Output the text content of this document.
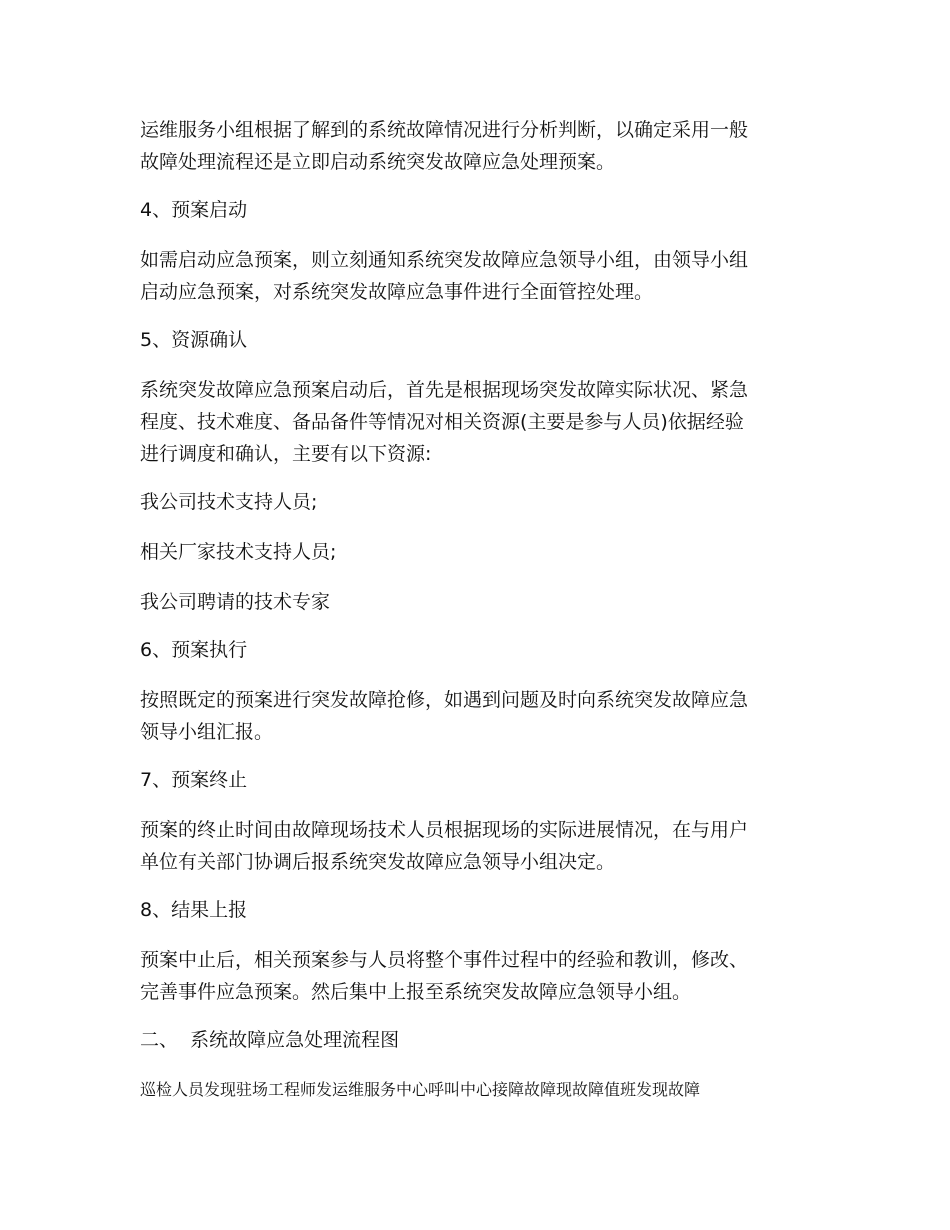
运维服务小组根据了解到的系统故障情况进行分析判断，以确定采用一般
故障处理流程还是立即启动系统突发故障应急处理预案。

4、预案启动

如需启动应急预案，则立刻通知系统突发故障应急领导小组，由领导小组
启动应急预案，对系统突发故障应急事件进行全面管控处理。

5、资源确认

系统突发故障应急预案启动后，首先是根据现场突发故障实际状况、紧急
程度、技术难度、备品备件等情况对相关资源(主要是参与人员)依据经验
进行调度和确认，主要有以下资源:

我公司技术支持人员;

相关厂家技术支持人员;

我公司聘请的技术专家

6、预案执行

按照既定的预案进行突发故障抢修，如遇到问题及时向系统突发故障应急
领导小组汇报。

7、预案终止

预案的终止时间由故障现场技术人员根据现场的实际进展情况，在与用户
单位有关部门协调后报系统突发故障应急领导小组决定。

8、结果上报

预案中止后，相关预案参与人员将整个事件过程中的经验和教训，修改、
完善事件应急预案。然后集中上报至系统突发故障应急领导小组。

二、  系统故障应急处理流程图

巡检人员发现驻场工程师发运维服务中心呼叫中心接障故障现故障值班发现故障
